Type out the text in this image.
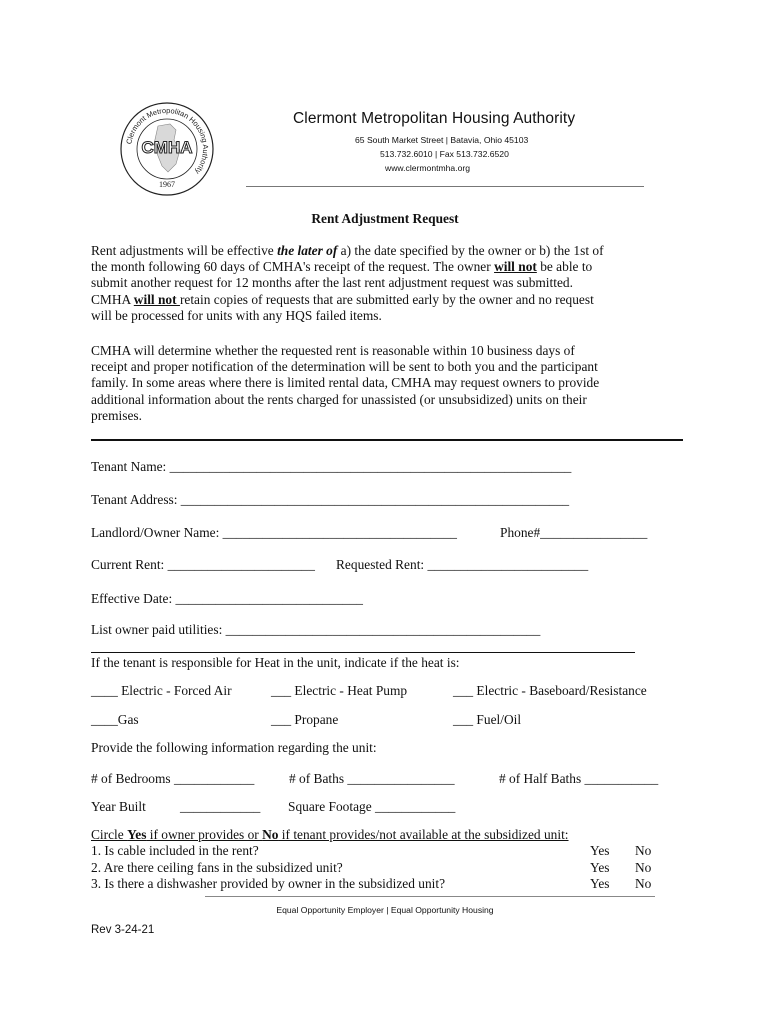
Clermont Metropolitan Housing Authority
CMHA
1967
Clermont Metropolitan Housing Authority
65 South Market Street | Batavia, Ohio 45103
513.732.6010 | Fax 513.732.6520
www.clermontmha.org
Rent Adjustment Request
Rent adjustments will be effective the later of a) the date specified by the owner or b) the 1st of
the month following 60 days of CMHA's receipt of the request. The owner will not be able to
submit another request for 12 months after the last rent adjustment request was submitted.
CMHA will not retain copies of requests that are submitted early by the owner and no request
will be processed for units with any HQS failed items.
CMHA will determine whether the requested rent is reasonable within 10 business days of
receipt and proper notification of the determination will be sent to both you and the participant
family. In some areas where there is limited rental data, CMHA may request owners to provide
additional information about the rents charged for unassisted (or unsubsidized) units on their
premises.
Tenant Name: ____________________________________________________________
Tenant Address: __________________________________________________________
Landlord/Owner Name: ___________________________________	Phone#________________
Current Rent: ______________________ Requested Rent: ________________________
Effective Date: ____________________________
List owner paid utilities: _______________________________________________
If the tenant is responsible for Heat in the unit, indicate if the heat is:
____ Electric - Forced Air	___ Electric - Heat Pump	___ Electric - Baseboard/Resistance
____Gas	___ Propane	___ Fuel/Oil
Provide the following information regarding the unit:
# of Bedrooms ____________	# of Baths ________________	# of Half Baths ___________
Year Built	____________ Square Footage ____________
Circle Yes if owner provides or No if tenant provides/not available at the subsidized unit:
1. Is cable included in the rent?	Yes No
2. Are there ceiling fans in the subsidized unit?	Yes No
3. Is there a dishwasher provided by owner in the subsidized unit?	Yes No
Equal Opportunity Employer | Equal Opportunity Housing
Rev 3-24-21
